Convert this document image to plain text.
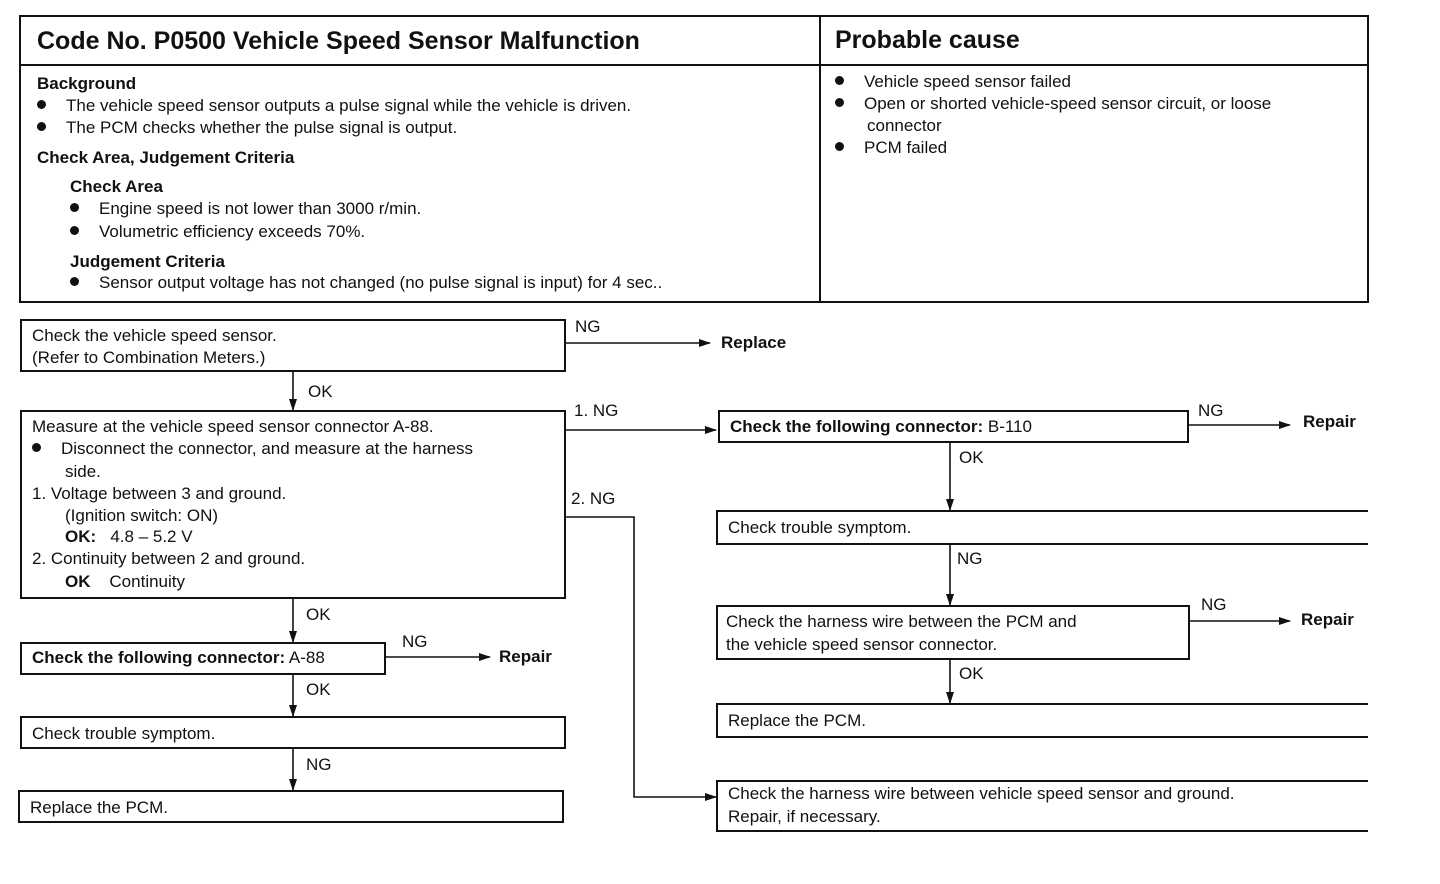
Code No. P0500 Vehicle Speed Sensor Malfunction	Probable cause
Background
The vehicle speed sensor outputs a pulse signal while the vehicle is driven.
The PCM checks whether the pulse signal is output.
Check Area, Judgement Criteria
Check Area
Engine speed is not lower than 3000 r/min.
Volumetric efficiency exceeds 70%.
Judgement Criteria
Sensor output voltage has not changed (no pulse signal is input) for 4 sec..
Vehicle speed sensor failed
Open or shorted vehicle-speed sensor circuit, or loose
connector
PCM failed
Check the vehicle speed sensor.
(Refer to Combination Meters.)
Measure at the vehicle speed sensor connector A-88.
Disconnect the connector, and measure at the harness
side.
1. Voltage between 3 and ground.
(Ignition switch: ON)
OK: 4.8 – 5.2 V
2. Continuity between 2 and ground.
OK Continuity
Check the following connector: A-88
Check trouble symptom.
Replace the PCM.
Check the following connector: B-110
Check trouble symptom.
Check the harness wire between the PCM and
the vehicle speed sensor connector.
Replace the PCM.
Check the harness wire between vehicle speed sensor and ground.
Repair, if necessary.
NG
Replace
OK
1. NG
2. NG
OK
NG
Repair
OK
NG
NG
Repair
OK
NG
NG
Repair
OK
